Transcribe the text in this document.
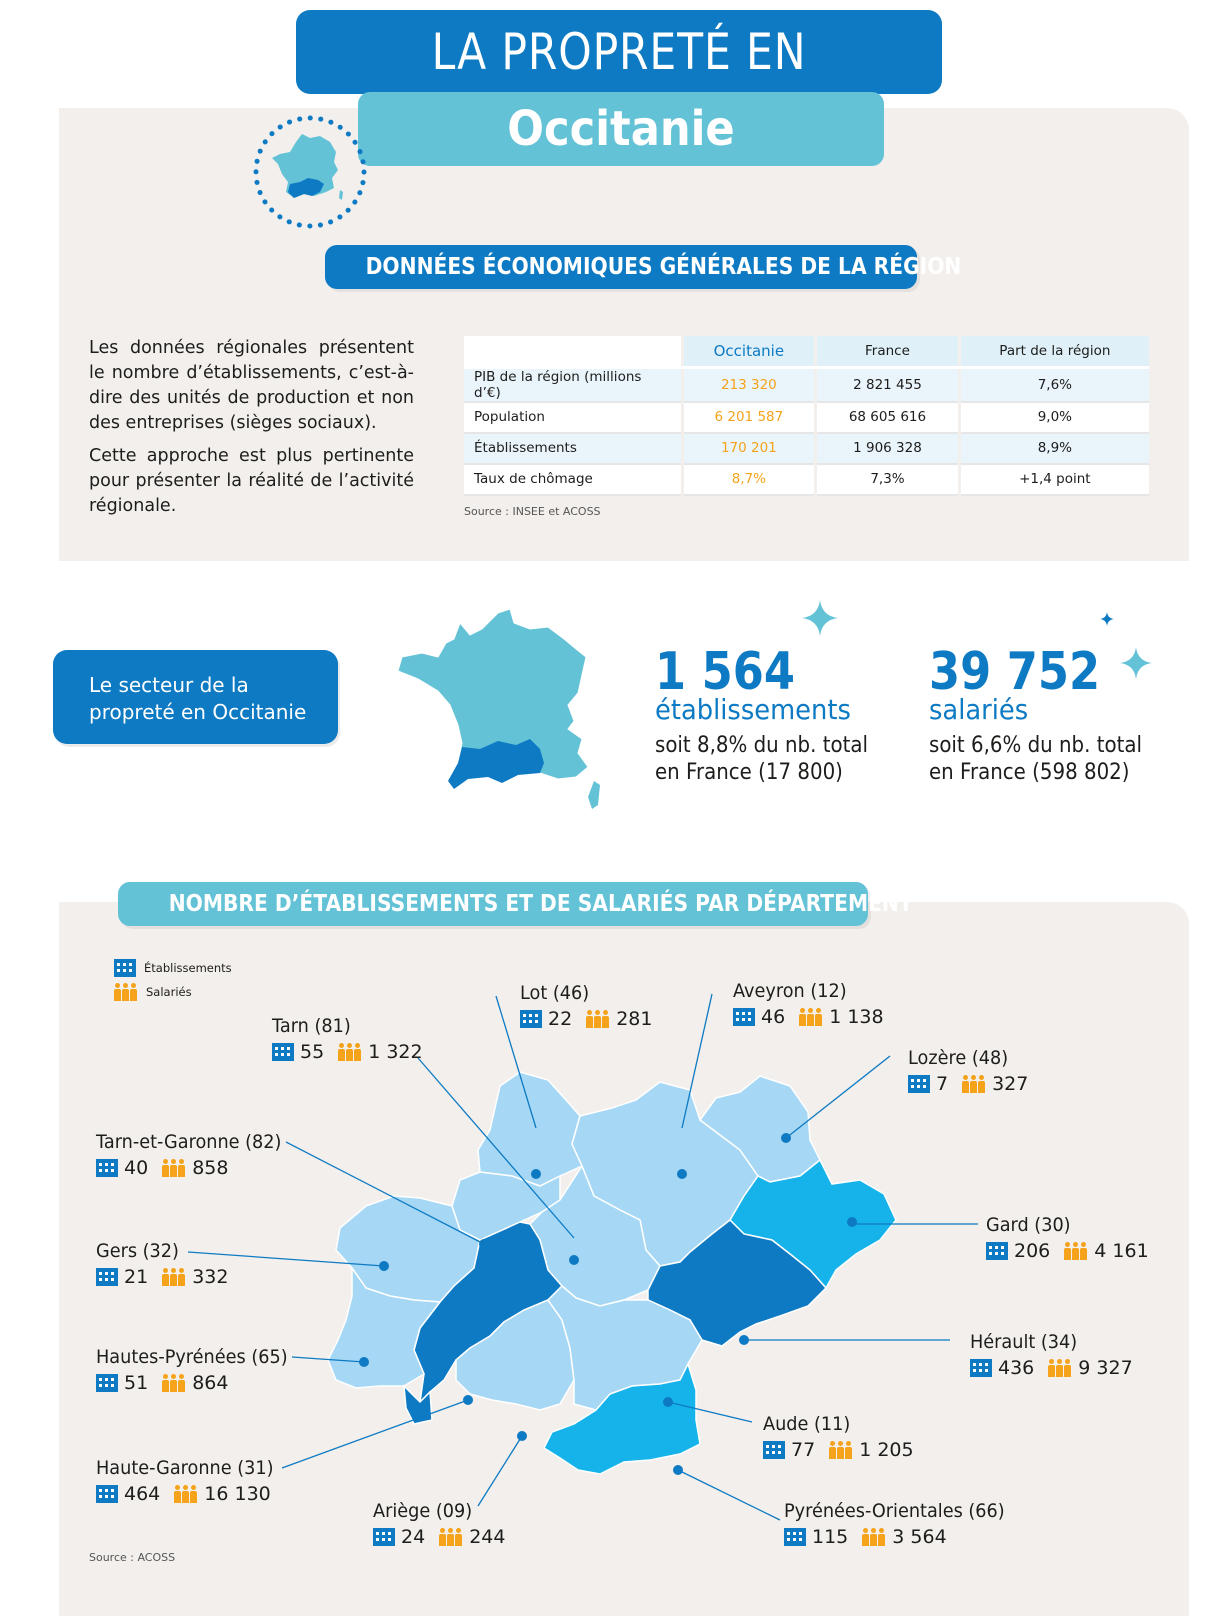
LA PROPRETÉ EN
Occitanie
DONNÉES ÉCONOMIQUES GÉNÉRALES DE LA RÉGION

Les données régionales présentent le nombre d’établissements, c’est-à-dire des unités de production et non des entreprises (sièges sociaux).

Cette approche est plus pertinente pour présenter la réalité de l’activité régionale.

	Occitanie	France	Part de la région
PIB de la région (millions d’€)	213 320	2 821 455	7,6%
Population	6 201 587	68 605 616	9,0%
Établissements	170 201	1 906 328	8,9%
Taux de chômage	8,7%	7,3%	+1,4 point
Source : INSEE et ACOSS
Le secteur de la
propreté en Occitanie
1 564
établissements
soit 8,8% du nb. total
en France (17 800)
39 752
salariés
soit 6,6% du nb. total
en France (598 802)
NOMBRE D’ÉTABLISSEMENTS ET DE SALARIÉS PAR DÉPARTEMENT
Établissements
Salariés	Lot (46)
22 281
Aveyron (12)
46 1 138
Tarn (81)
55 1 322	Lozère (48)
7 327
Tarn-et-Garonne (82)
40 858
Gard (30)
206 4 161
Gers (32)
21 332
Hérault (34)
436 9 327
Hautes-Pyrénées (65)
51 864
Aude (11)
77 1 205
Haute-Garonne (31)
464 16 130
Ariège (09)
24 244
Pyrénées-Orientales (66)
115 3 564
Source : ACOSS
